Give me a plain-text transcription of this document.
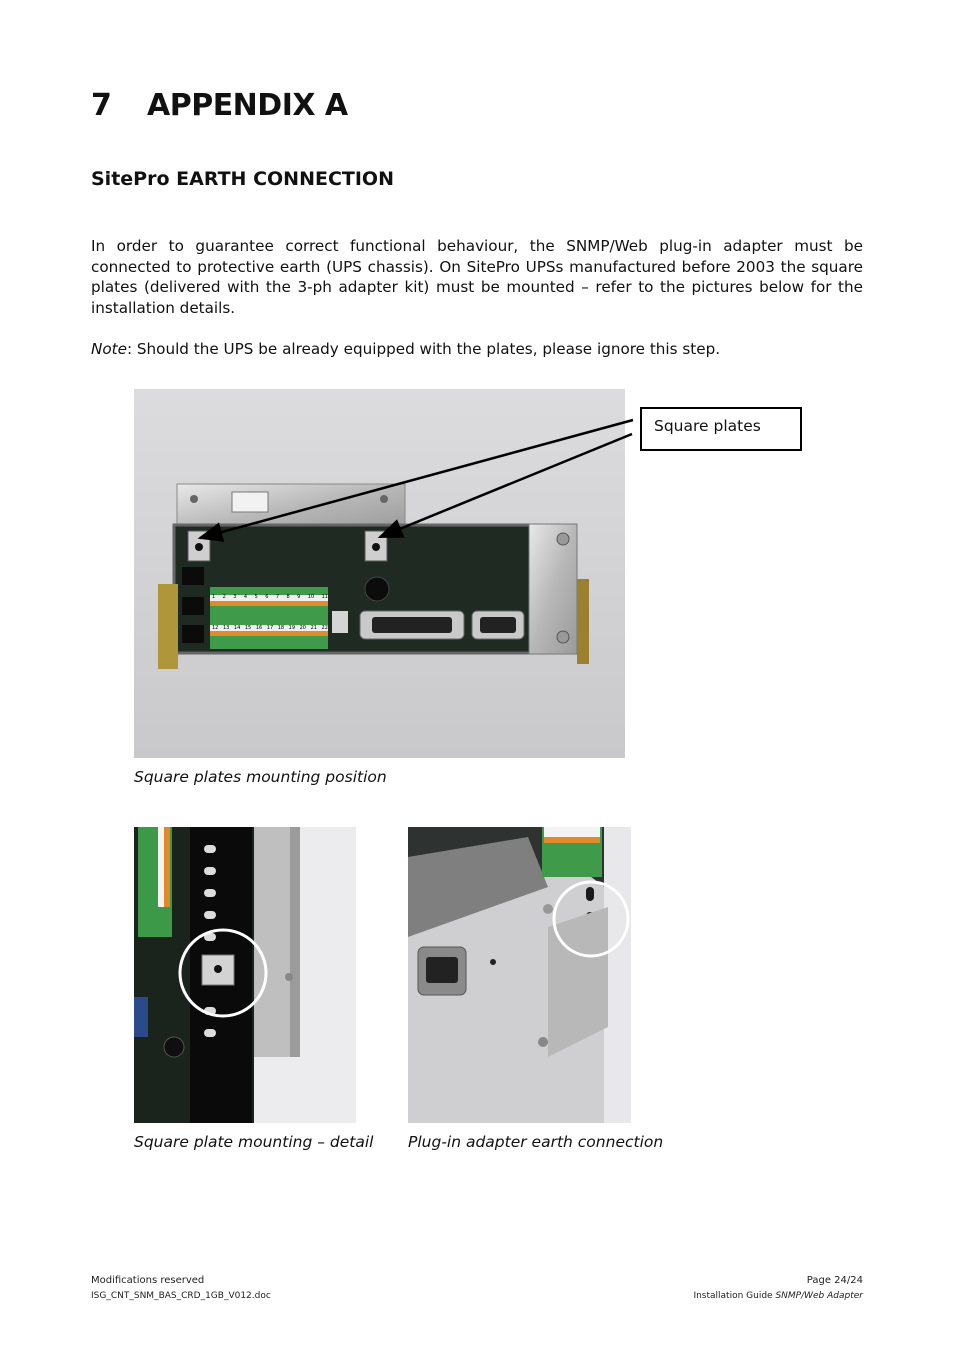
7	APPENDIX A
SitePro EARTH CONNECTION

In order to guarantee correct functional behaviour, the SNMP/Web plug-in adapter must be connected to protective earth (UPS chassis). On SitePro UPSs manufactured before 2003 the square plates (delivered with the 3-ph adapter kit) must be mounted – refer to the pictures below for the installation details.

Note: Should the UPS be already equipped with the plates, please ignore this step.

1 2 3 4 5 6 7 8 9 10 11
12 13 14 15 16 17 18 19 20 21 22
Square plates

Square plates mounting position

Square plate mounting – detail Plug-in adapter earth connection

Modifications reserved
ISG_CNT_SNM_BAS_CRD_1GB_V012.doc
Page 24/24
Installation Guide SNMP/Web Adapter
